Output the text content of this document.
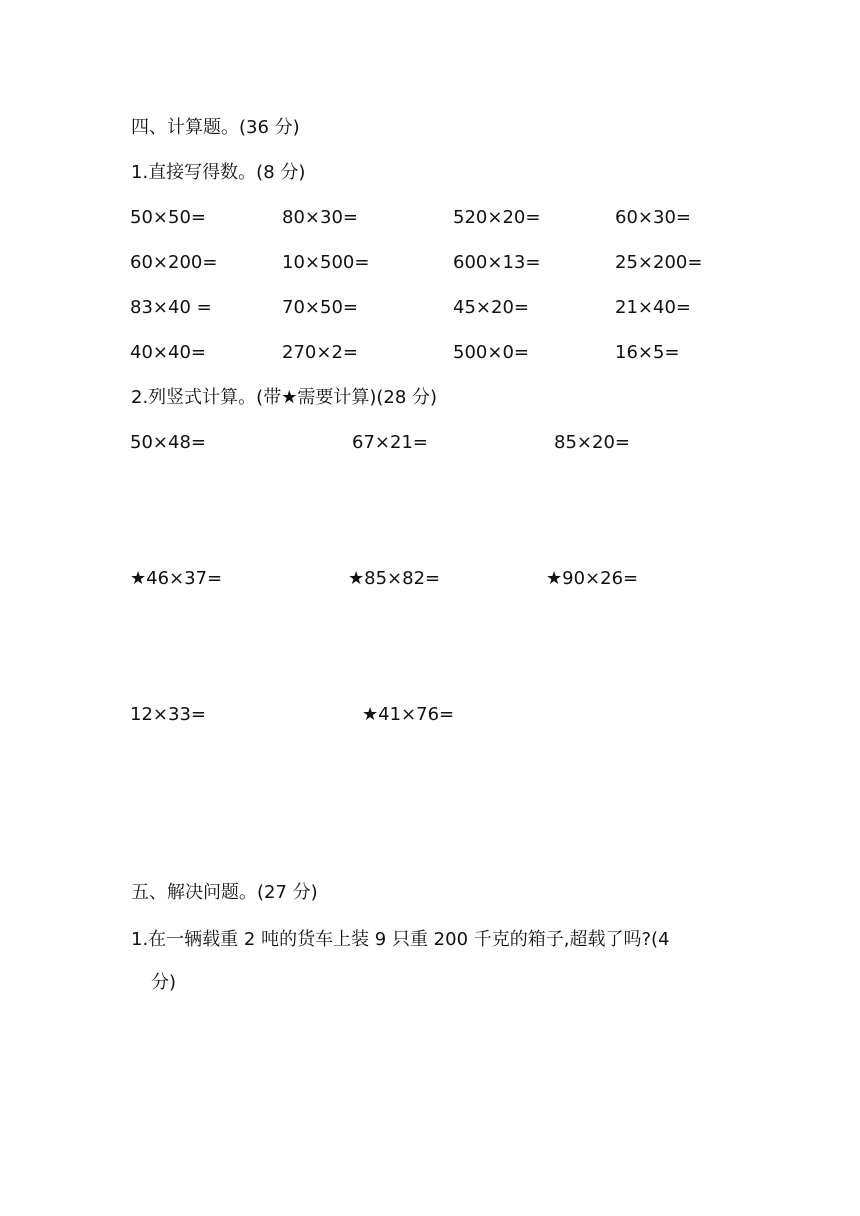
四、计算题。(36 分)
1.直接写得数。(8 分)
50×50=	80×30=	520×20=	60×30=
60×200=	10×500=	600×13=	25×200=
83×40 =	70×50=	45×20=	21×40=
40×40=	270×2=	500×0=	16×5=
2.列竖式计算。(带★需要计算)(28 分)
50×48=	67×21=	85×20=
★46×37=	★85×82=	★90×26=
12×33=	★41×76=
五、解决问题。(27 分)
1.在一辆载重 2 吨的货车上装 9 只重 200 千克的箱子,超载了吗?(4
分)
